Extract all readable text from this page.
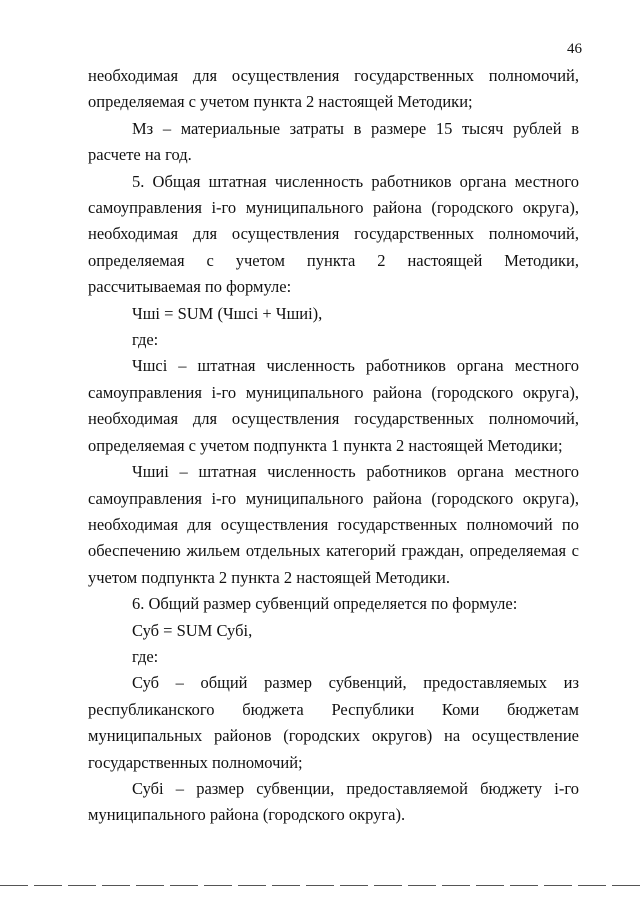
46

необходимая для осуществления государственных полномочий, определяемая с учетом пункта 2 настоящей Методики;

Мз – материальные затраты в размере 15 тысяч рублей в расчете на год.

5. Общая штатная численность работников органа местного самоуправления i-го муниципального района (городского округа), необходимая для осуществления государственных полномочий, определяемая с учетом пункта 2 настоящей Методики, рассчитываемая по формуле:

Чшi = SUM (Чшсi + Чшиi),

где:

Чшсi – штатная численность работников органа местного самоуправления i-го муниципального района (городского округа), необходимая для осуществления государственных полномочий, определяемая с учетом подпункта 1 пункта 2 настоящей Методики;

Чшиi – штатная численность работников органа местного самоуправления i-го муниципального района (городского округа), необходимая для осуществления государственных полномочий по обеспечению жильем отдельных категорий граждан, определяемая с учетом подпункта 2 пункта 2 настоящей Методики.

6. Общий размер субвенций определяется по формуле:

Суб = SUM Субi,

где:

Суб – общий размер субвенций, предоставляемых из республиканского бюджета Республики Коми бюджетам муниципальных районов (городских округов) на осуществление государственных полномочий;

Субi – размер субвенции, предоставляемой бюджету i-го муниципального района (городского округа).
